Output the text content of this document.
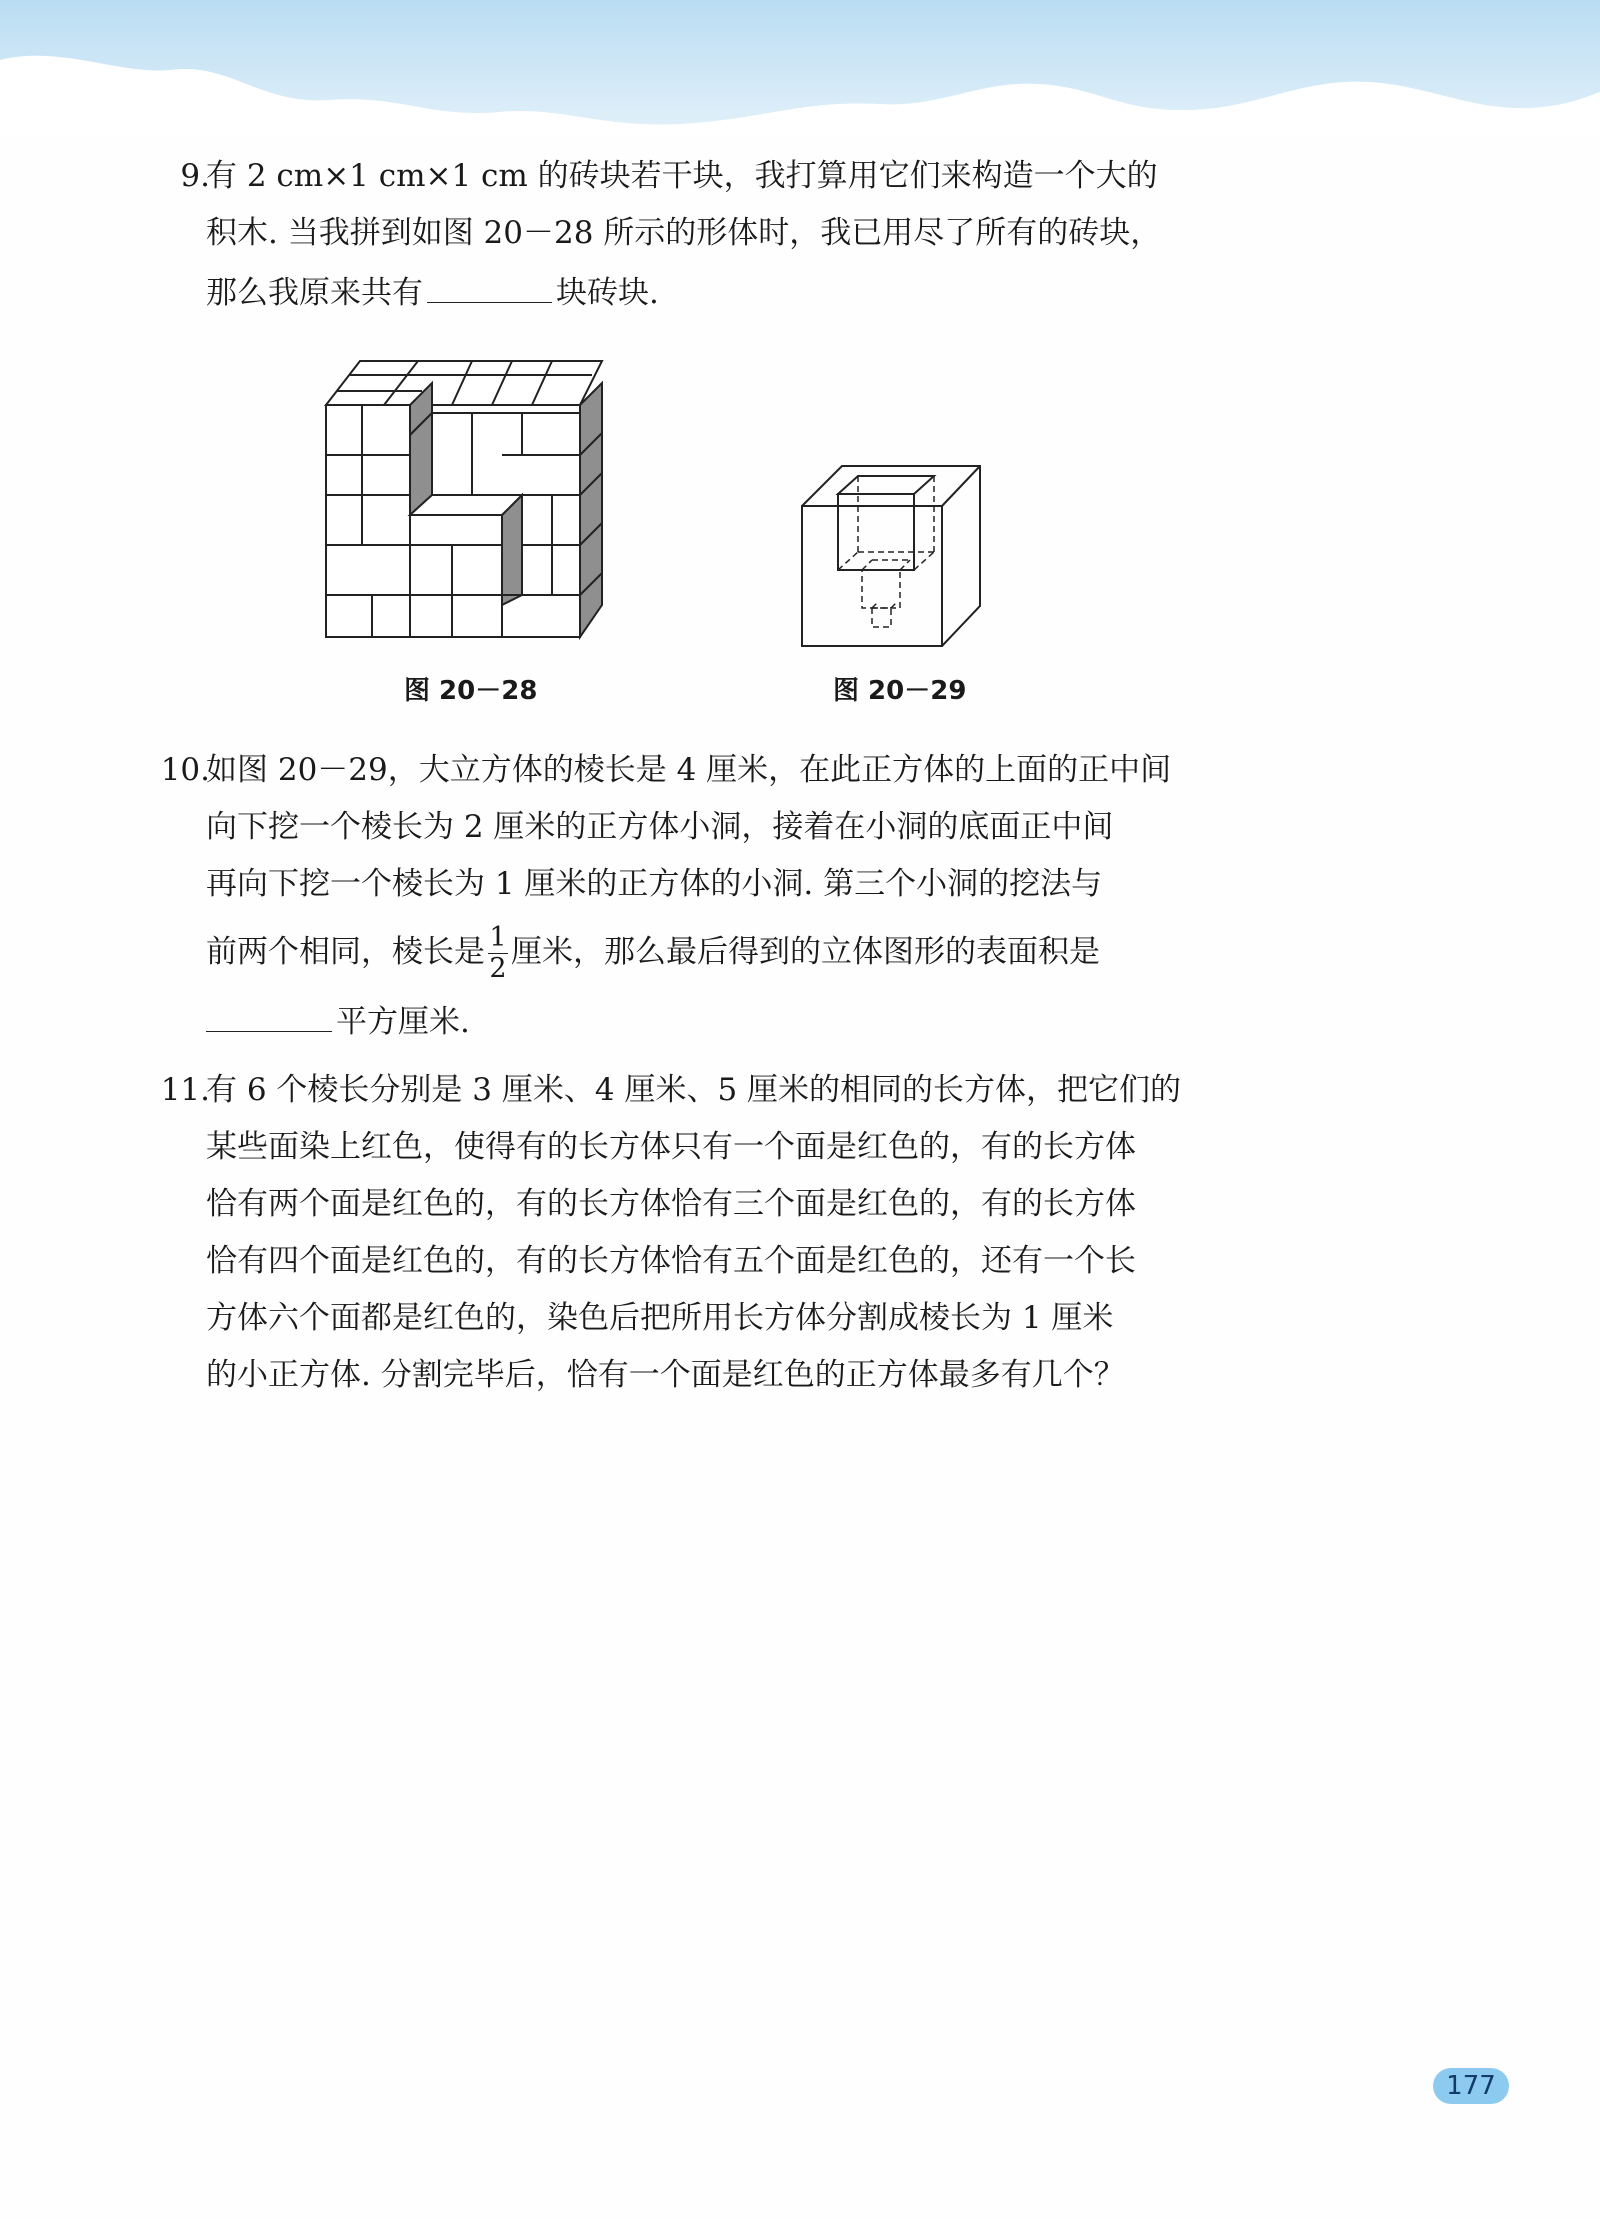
9.
有 2 cm×1 cm×1 cm 的砖块若干块，我打算用它们来构造一个大的
积木. 当我拼到如图 20－28 所示的形体时，我已用尽了所有的砖块，
那么我原来共有	块砖块.
图 20－28	图 20－29
10.
如图 20－29，大立方体的棱长是 4 厘米，在此正方体的上面的正中间
向下挖一个棱长为 2 厘米的正方体小洞，接着在小洞的底面正中间
再向下挖一个棱长为 1 厘米的正方体的小洞. 第三个小洞的挖法与
前两个相同，棱长是 $\frac{1}{2}$ 厘米，那么最后得到的立体图形的表面积是
平方厘米.
11.
有 6 个棱长分别是 3 厘米、4 厘米、5 厘米的相同的长方体，把它们的
某些面染上红色，使得有的长方体只有一个面是红色的，有的长方体
恰有两个面是红色的，有的长方体恰有三个面是红色的，有的长方体
恰有四个面是红色的，有的长方体恰有五个面是红色的，还有一个长
方体六个面都是红色的，染色后把所用长方体分割成棱长为 1 厘米
的小正方体. 分割完毕后，恰有一个面是红色的正方体最多有几个？
177
